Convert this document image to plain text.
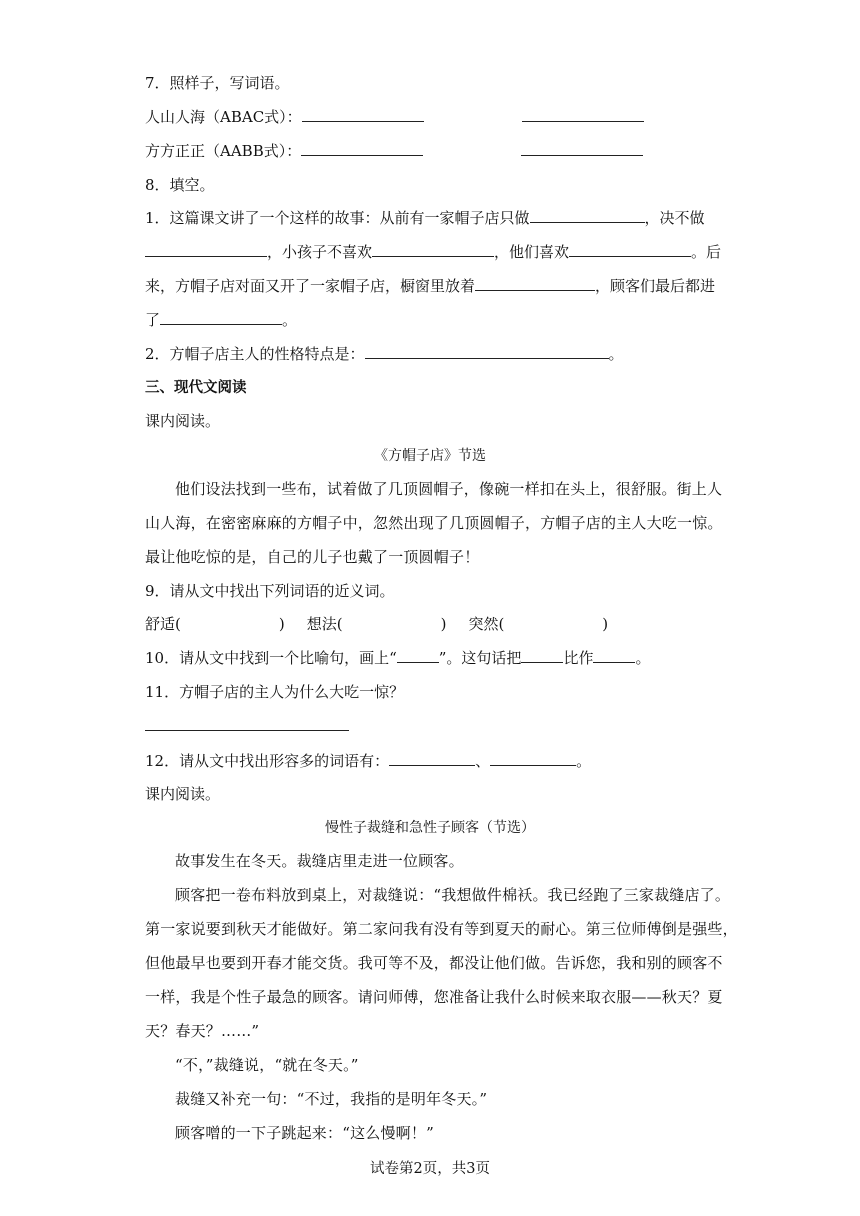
7．照样子，写词语。
人山人海（ABAC式）：
方方正正（AABB式）：
8．填空。
1．这篇课文讲了一个这样的故事：从前有一家帽子店只做	，决不做
，小孩子不喜欢	，他们喜欢	。后
来，方帽子店对面又开了一家帽子店，橱窗里放着	，顾客们最后都进
了	。
2．方帽子店主人的性格特点是：	。
三、现代文阅读
课内阅读。
《方帽子店》节选
他们设法找到一些布，试着做了几顶圆帽子，像碗一样扣在头上，很舒服。街上人
山人海，在密密麻麻的方帽子中，忽然出现了几顶圆帽子，方帽子店的主人大吃一惊。
最让他吃惊的是，自己的儿子也戴了一顶圆帽子！
9．请从文中找出下列词语的近义词。
舒适(	) 想法(	) 突然(	)
10．请从文中找到一个比喻句，画上“	”。这句话把	比作	。
11．方帽子店的主人为什么大吃一惊？
12．请从文中找出形容多的词语有：	、	。
课内阅读。
慢性子裁缝和急性子顾客（节选）
故事发生在冬天。裁缝店里走进一位顾客。
顾客把一卷布料放到桌上，对裁缝说：“我想做件棉袄。我已经跑了三家裁缝店了。
第一家说要到秋天才能做好。第二家问我有没有等到夏天的耐心。第三位师傅倒是强些，
但他最早也要到开春才能交货。我可等不及，都没让他们做。告诉您，我和别的顾客不
一样，我是个性子最急的顾客。请问师傅，您准备让我什么时候来取衣服——秋天？夏
天？春天？……”
“不，”裁缝说，“就在冬天。”
裁缝又补充一句：“不过，我指的是明年冬天。”
顾客噌的一下子跳起来：“这么慢啊！”
试卷第2页，共3页
